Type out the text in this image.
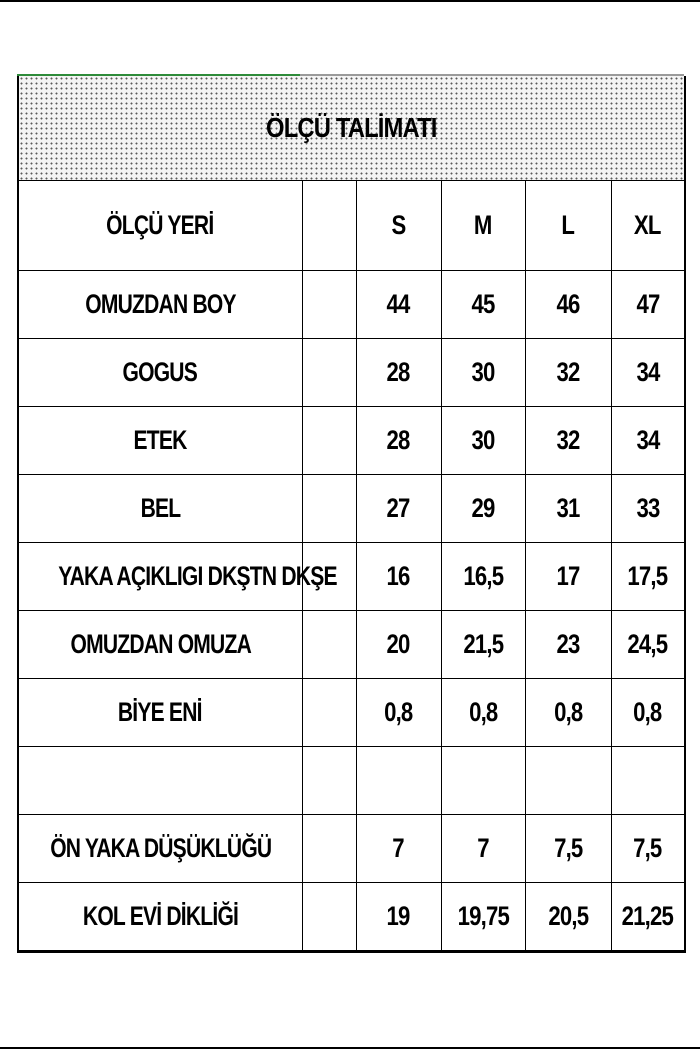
ÖLÇÜ TALİMATI					
ÖLÇÜ YERİ		S	M	L	XL
OMUZDAN BOY		44	45	46	47
GOGUS		28	30	32	34
ETEK		28	30	32	34
BEL		27	29	31	33
YAKA AÇIKLIGI DKŞTN DKŞE		16	16,5	17	17,5
OMUZDAN OMUZA		20	21,5	23	24,5
BİYE ENİ		0,8	0,8	0,8	0,8

ÖN YAKA DÜŞÜKLÜĞÜ		7	7	7,5	7,5
KOL EVİ DİKLİĞİ		19	19,75	20,5	21,25
